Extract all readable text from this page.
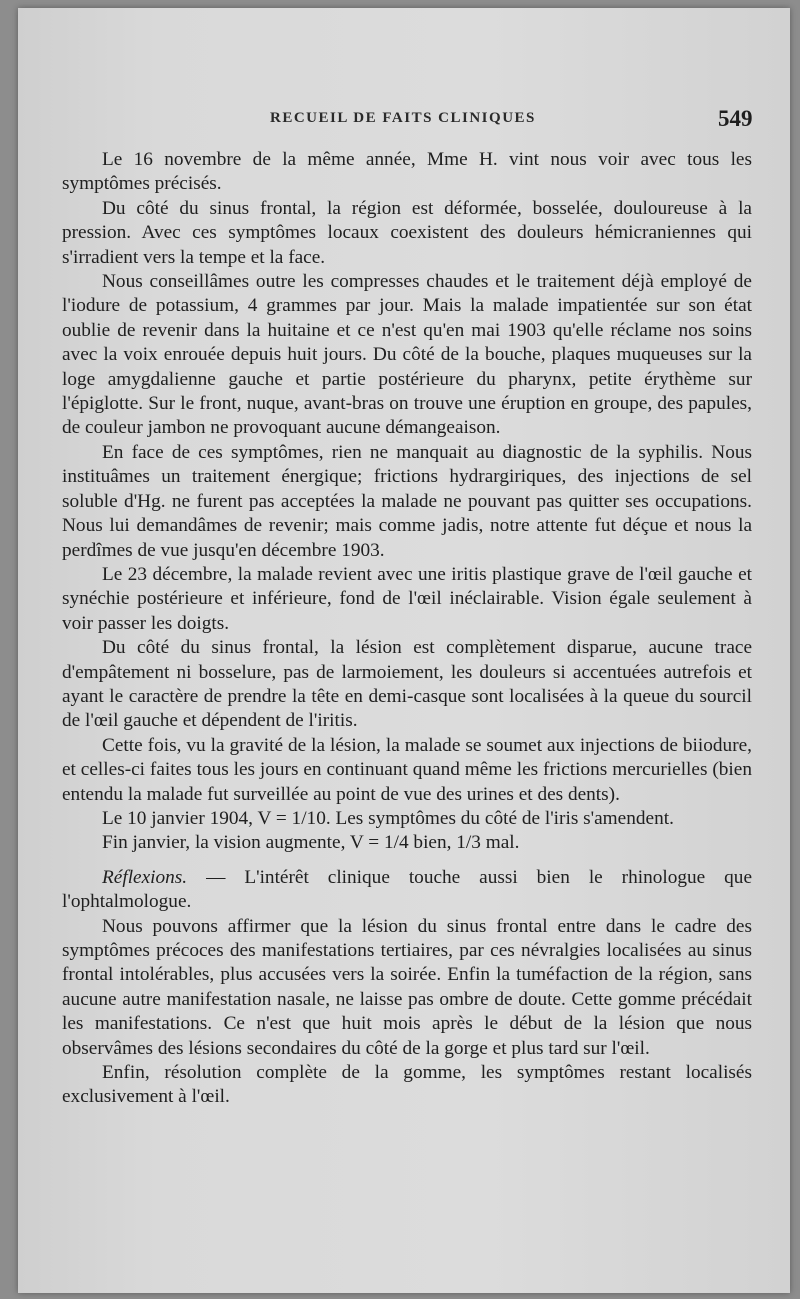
RECUEIL DE FAITS CLINIQUES	549

Le 16 novembre de la même année, Mme H. vint nous voir avec tous les symptômes précisés.

Du côté du sinus frontal, la région est déformée, bosselée, douloureuse à la pression. Avec ces symptômes locaux coexistent des douleurs hémicraniennes qui s'irradient vers la tempe et la face.

Nous conseillâmes outre les compresses chaudes et le traitement déjà employé de l'iodure de potassium, 4 grammes par jour. Mais la malade impatientée sur son état oublie de revenir dans la huitaine et ce n'est qu'en mai 1903 qu'elle réclame nos soins avec la voix enrouée depuis huit jours. Du côté de la bouche, plaques muqueuses sur la loge amygdalienne gauche et partie postérieure du pharynx, petite érythème sur l'épiglotte. Sur le front, nuque, avant-bras on trouve une éruption en groupe, des papules, de couleur jambon ne provoquant aucune démangeaison.

En face de ces symptômes, rien ne manquait au diagnostic de la syphilis. Nous instituâmes un traitement énergique; frictions hydrargiriques, des injections de sel soluble d'Hg. ne furent pas acceptées la malade ne pouvant pas quitter ses occupations. Nous lui demandâmes de revenir; mais comme jadis, notre attente fut déçue et nous la perdîmes de vue jusqu'en décembre 1903.

Le 23 décembre, la malade revient avec une iritis plastique grave de l'œil gauche et synéchie postérieure et inférieure, fond de l'œil inéclairable. Vision égale seulement à voir passer les doigts.

Du côté du sinus frontal, la lésion est complètement disparue, aucune trace d'empâtement ni bosselure, pas de larmoiement, les douleurs si accentuées autrefois et ayant le caractère de prendre la tête en demi-casque sont localisées à la queue du sourcil de l'œil gauche et dépendent de l'iritis.

Cette fois, vu la gravité de la lésion, la malade se soumet aux injections de biiodure, et celles-ci faites tous les jours en continuant quand même les frictions mercurielles (bien entendu la malade fut surveillée au point de vue des urines et des dents).

Le 10 janvier 1904, V = 1/10. Les symptômes du côté de l'iris s'amendent.

Fin janvier, la vision augmente, V = 1/4 bien, 1/3 mal.

Réflexions. — L'intérêt clinique touche aussi bien le rhinologue que l'ophtalmologue.

Nous pouvons affirmer que la lésion du sinus frontal entre dans le cadre des symptômes précoces des manifestations tertiaires, par ces névralgies localisées au sinus frontal intolérables, plus accusées vers la soirée. Enfin la tuméfaction de la région, sans aucune autre manifestation nasale, ne laisse pas ombre de doute. Cette gomme précédait les manifestations. Ce n'est que huit mois après le début de la lésion que nous observâmes des lésions secondaires du côté de la gorge et plus tard sur l'œil.

Enfin, résolution complète de la gomme, les symptômes restant localisés exclusivement à l'œil.
